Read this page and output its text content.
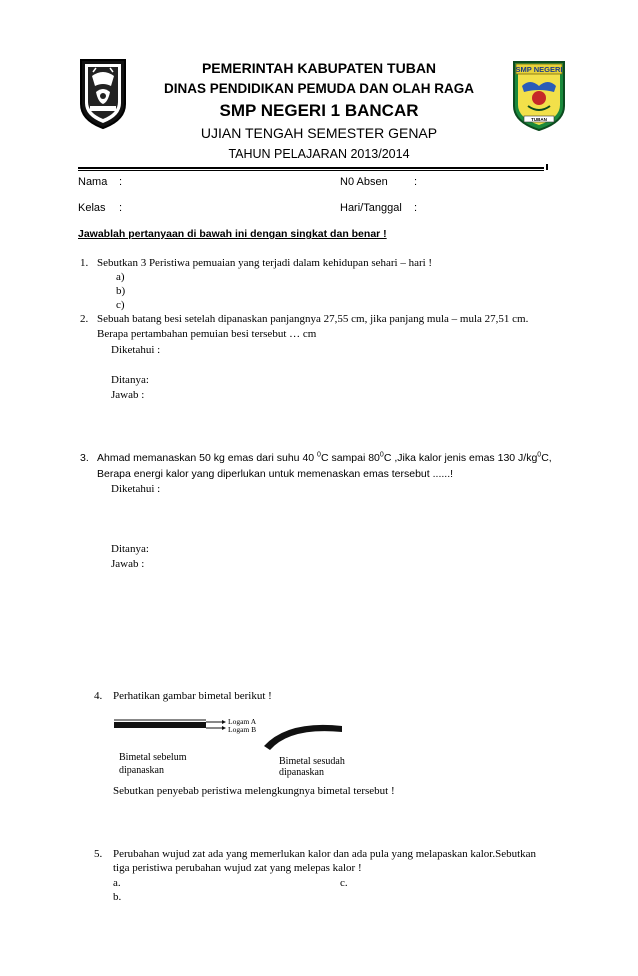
SMP NEGERI
TUBAN
PEMERINTAH KABUPATEN TUBAN
DINAS PENDIDIKAN PEMUDA DAN OLAH RAGA
SMP NEGERI 1 BANCAR
UJIAN TENGAH SEMESTER GENAP
TAHUN PELAJARAN 2013/2014
Nama :	N0 Absen :
Kelas :	Hari/Tanggal :
Jawablah pertanyaan di bawah ini dengan singkat dan benar !
1. Sebutkan 3 Peristiwa pemuaian yang terjadi dalam kehidupan sehari – hari !
a)
b)
c)
2. Sebuah batang besi setelah dipanaskan panjangnya 27,55 cm, jika panjang mula – mula 27,51 cm.
Berapa pertambahan pemuian besi tersebut … cm
Diketahui :
Ditanya:
Jawab :
3. Ahmad memanaskan 50 kg emas dari suhu 40 $^0$C sampai $80^0C$ ,Jika kalor jenis emas 130 $J/kg^0C$,
Berapa energi kalor yang diperlukan untuk memenaskan emas tersebut ......!
Diketahui :
Ditanya:
Jawab :
4. Perhatikan gambar bimetal berikut !
Logam A
Logam B
Bimetal sebelum
dipanaskan
Bimetal sesudah
dipanaskan
Sebutkan penyebab peristiwa melengkungnya bimetal tersebut !
5. Perubahan wujud zat ada yang memerlukan kalor dan ada pula yang melapaskan kalor.Sebutkan
tiga peristiwa perubahan wujud zat yang melepas kalor !
a.	c.
b.
